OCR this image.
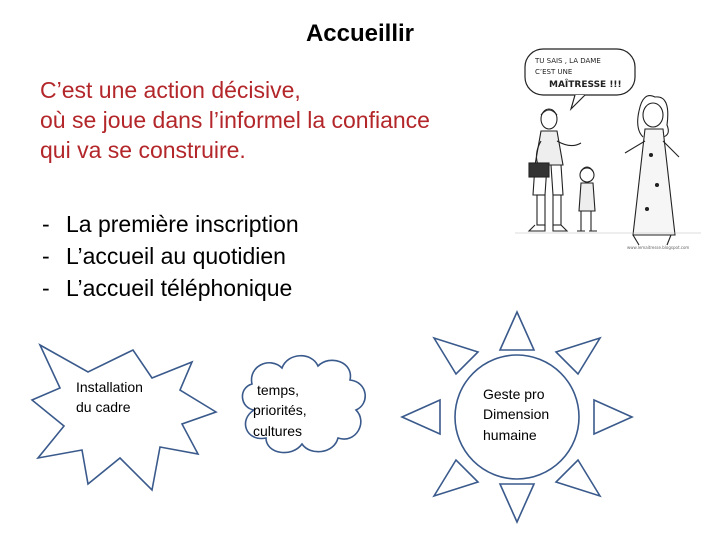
Accueillir
C’est une action décisive,
où se joue dans l’informel la confiance
qui va se construire.
- La première inscription
- L’accueil au quotidien
- L’accueil téléphonique
TU SAIS , LA DAME
C’EST UNE
MAÎTRESSE !!!
www.lemaitresse.blogspot.com
Installation
du cadre
temps,
priorités,
cultures
Geste pro
Dimension
humaine
